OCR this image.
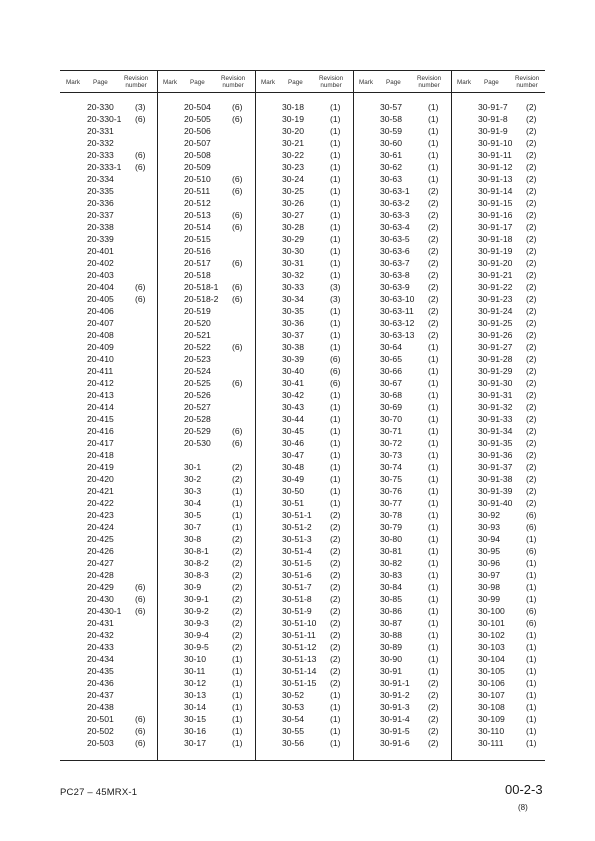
Mark Page	Revision
number	Mark Page	Revision
number	Mark Page	Revision
number	Mark Page	Revision
number	Mark Page	Revision
number
20-330 (3)
20-330-1 (6)
20-331
20-332
20-333 (6)
20-333-1 (6)
20-334
20-335
20-336
20-337
20-338
20-339
20-401
20-402
20-403
20-404 (6)
20-405 (6)
20-406
20-407
20-408
20-409
20-410
20-411
20-412
20-413
20-414
20-415
20-416
20-417
20-418
20-419
20-420
20-421
20-422
20-423
20-424
20-425
20-426
20-427
20-428
20-429 (6)
20-430 (6)
20-430-1 (6)
20-431
20-432
20-433
20-434
20-435
20-436
20-437
20-438
20-501 (6)
20-502 (6)
20-503 (6)
20-504 (6)
20-505 (6)
20-506
20-507
20-508
20-509
20-510 (6)
20-511	(6)
20-512
20-513 (6)
20-514 (6)
20-515
20-516
20-517 (6)
20-518
20-518-1 (6)
20-518-2 (6)
20-519
20-520
20-521
20-522 (6)
20-523
20-524
20-525 (6)
20-526
20-527
20-528
20-529 (6)
20-530 (6)
30-1	(2)
30-2	(2)
30-3	(1)
30-4	(1)
30-5	(1)
30-7	(1)
30-8	(2)
30-8-1	(2)
30-8-2	(2)
30-8-3	(2)
30-9	(2)
30-9-1	(2)
30-9-2	(2)
30-9-3	(2)
30-9-4	(2)
30-9-5	(2)
30-10	(1)
30-11	(1)
30-12	(1)
30-13	(1)
30-14	(1)
30-15	(1)
30-16	(1)
30-17	(1)
30-18	(1)
30-19	(1)
30-20	(1)
30-21	(1)
30-22	(1)
30-23	(1)
30-24	(1)
30-25	(1)
30-26	(1)
30-27	(1)
30-28	(1)
30-29	(1)
30-30	(1)
30-31	(1)
30-32	(1)
30-33	(3)
30-34	(3)
30-35	(1)
30-36	(1)
30-37	(1)
30-38	(1)
30-39	(6)
30-40	(6)
30-41	(6)
30-42	(1)
30-43	(1)
30-44	(1)
30-45	(1)
30-46	(1)
30-47	(1)
30-48	(1)
30-49	(1)
30-50	(1)
30-51	(1)
30-51-1 (2)
30-51-2 (2)
30-51-3 (2)
30-51-4 (2)
30-51-5 (2)
30-51-6 (2)
30-51-7 (2)
30-51-8 (2)
30-51-9 (2)
30-51-10 (2)
30-51-11 (2)
30-51-12 (2)
30-51-13 (2)
30-51-14 (2)
30-51-15 (2)
30-52	(1)
30-53	(1)
30-54	(1)
30-55	(1)
30-56	(1)
30-57	(1)
30-58	(1)
30-59	(1)
30-60	(1)
30-61	(1)
30-62	(1)
30-63	(1)
30-63-1 (2)
30-63-2 (2)
30-63-3 (2)
30-63-4 (2)
30-63-5 (2)
30-63-6 (2)
30-63-7 (2)
30-63-8 (2)
30-63-9 (2)
30-63-10 (2)
30-63-11 (2)
30-63-12 (2)
30-63-13 (2)
30-64	(1)
30-65	(1)
30-66	(1)
30-67	(1)
30-68	(1)
30-69	(1)
30-70	(1)
30-71	(1)
30-72	(1)
30-73	(1)
30-74	(1)
30-75	(1)
30-76	(1)
30-77	(1)
30-78	(1)
30-79	(1)
30-80	(1)
30-81	(1)
30-82	(1)
30-83	(1)
30-84	(1)
30-85	(1)
30-86	(1)
30-87	(1)
30-88	(1)
30-89	(1)
30-90	(1)
30-91	(1)
30-91-1 (2)
30-91-2 (2)
30-91-3 (2)
30-91-4 (2)
30-91-5 (2)
30-91-6 (2)
30-91-7 (2)
30-91-8 (2)
30-91-9 (2)
30-91-10 (2)
30-91-11 (2)
30-91-12 (2)
30-91-13 (2)
30-91-14 (2)
30-91-15 (2)
30-91-16 (2)
30-91-17 (2)
30-91-18 (2)
30-91-19 (2)
30-91-20 (2)
30-91-21 (2)
30-91-22 (2)
30-91-23 (2)
30-91-24 (2)
30-91-25 (2)
30-91-26 (2)
30-91-27 (2)
30-91-28 (2)
30-91-29 (2)
30-91-30 (2)
30-91-31 (2)
30-91-32 (2)
30-91-33 (2)
30-91-34 (2)
30-91-35 (2)
30-91-36 (2)
30-91-37 (2)
30-91-38 (2)
30-91-39 (2)
30-91-40 (2)
30-92	(6)
30-93	(6)
30-94	(1)
30-95	(6)
30-96	(1)
30-97	(1)
30-98	(1)
30-99	(1)
30-100 (6)
30-101 (6)
30-102 (1)
30-103 (1)
30-104 (1)
30-105 (1)
30-106 (1)
30-107 (1)
30-108 (1)
30-109 (1)
30-110	(1)
30-111	(1)
PC27 – 45MRX-1	00-2-3
(8)
